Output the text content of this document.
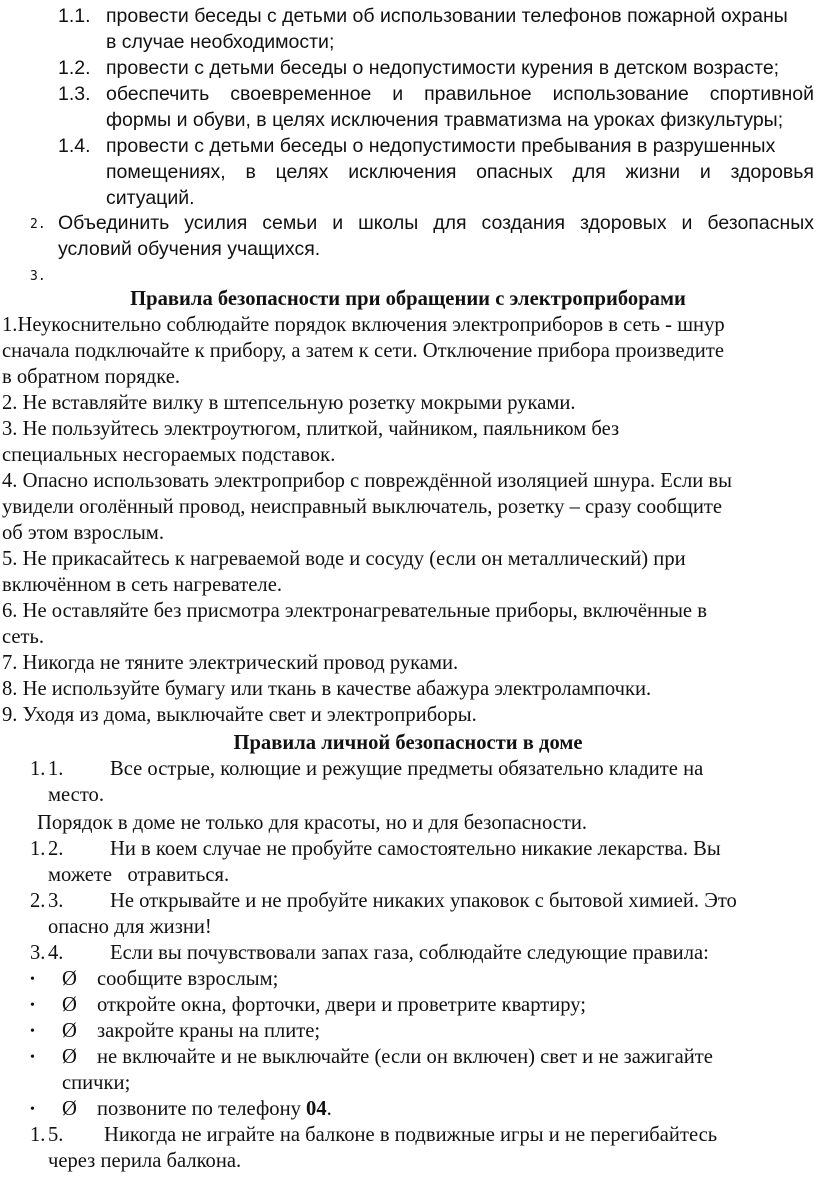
1.1. провести беседы с детьми об использовании телефонов пожарной охраны
в случае необходимости;
1.2. провести с детьми беседы о недопустимости курения в детском возрасте;
1.3. обеспечить своевременное и правильное использование спортивной
формы и обуви, в целях исключения травматизма на уроках физкультуры;
1.4. провести с детьми беседы о недопустимости пребывания в разрушенных
помещениях, в целях исключения опасных для жизни и здоровья
ситуаций.
2. Объединить усилия семьи и школы для создания здоровых и безопасных
условий обучения учащихся.
3.
Правила безопасности при обращении с электроприборами
1.Неукоснительно соблюдайте порядок включения электроприборов в сеть - шнур
сначала подключайте к прибору, а затем к сети. Отключение прибора произведите
в обратном порядке.
2. Не вставляйте вилку в штепсельную розетку мокрыми руками.
3. Не пользуйтесь электроутюгом, плиткой, чайником, паяльником без
специальных несгораемых подставок.
4. Опасно использовать электроприбор с повреждённой изоляцией шнура. Если вы
увидели оголённый провод, неисправный выключатель, розетку – сразу сообщите
об этом взрослым.
5. Не прикасайтесь к нагреваемой воде и сосуду (если он металлический) при
включённом в сеть нагревателе.
6. Не оставляйте без присмотра электронагревательные приборы, включённые в
сеть.
7. Никогда не тяните электрический провод руками.
8. Не используйте бумагу или ткань в качестве абажура электролампочки.
9. Уходя из дома, выключайте свет и электроприборы.
Правила личной безопасности в доме
1. 1. Все острые, колющие и режущие предметы обязательно кладите на
место.
Порядок в доме не только для красоты, но и для безопасности.
1. 2. Ни в коем случае не пробуйте самостоятельно никакие лекарства. Вы
можете   отравиться.
2. 3. Не открывайте и не пробуйте никаких упаковок с бытовой химией. Это
опасно для жизни!
3. 4. Если вы почувствовали запах газа, соблюдайте следующие правила:
• Ø сообщите взрослым;
• Ø откройте окна, форточки, двери и проветрите квартиру;
• Ø закройте краны на плите;
• Ø не включайте и не выключайте (если он включен) свет и не зажигайте
спички;
• Ø позвоните по телефону 04.
1. 5. Никогда не играйте на балконе в подвижные игры и не перегибайтесь
через перила балкона.
